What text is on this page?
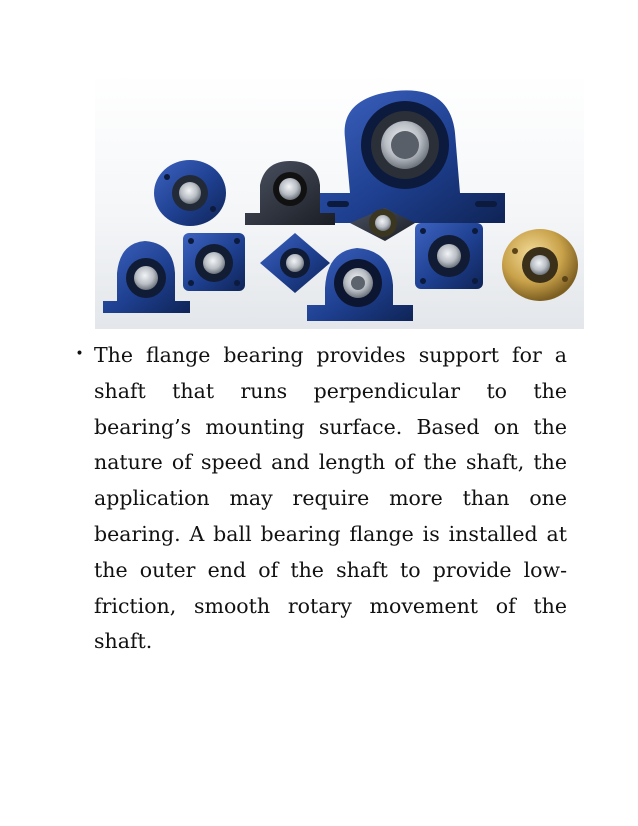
• The flange bearing provides support for a shaft that runs perpendicular to the bearing’s mounting surface. Based on the nature of speed and length of the shaft, the application may require more than one bearing. A ball bearing flange is installed at the outer end of the shaft to provide low-friction, smooth rotary movement of the shaft.
